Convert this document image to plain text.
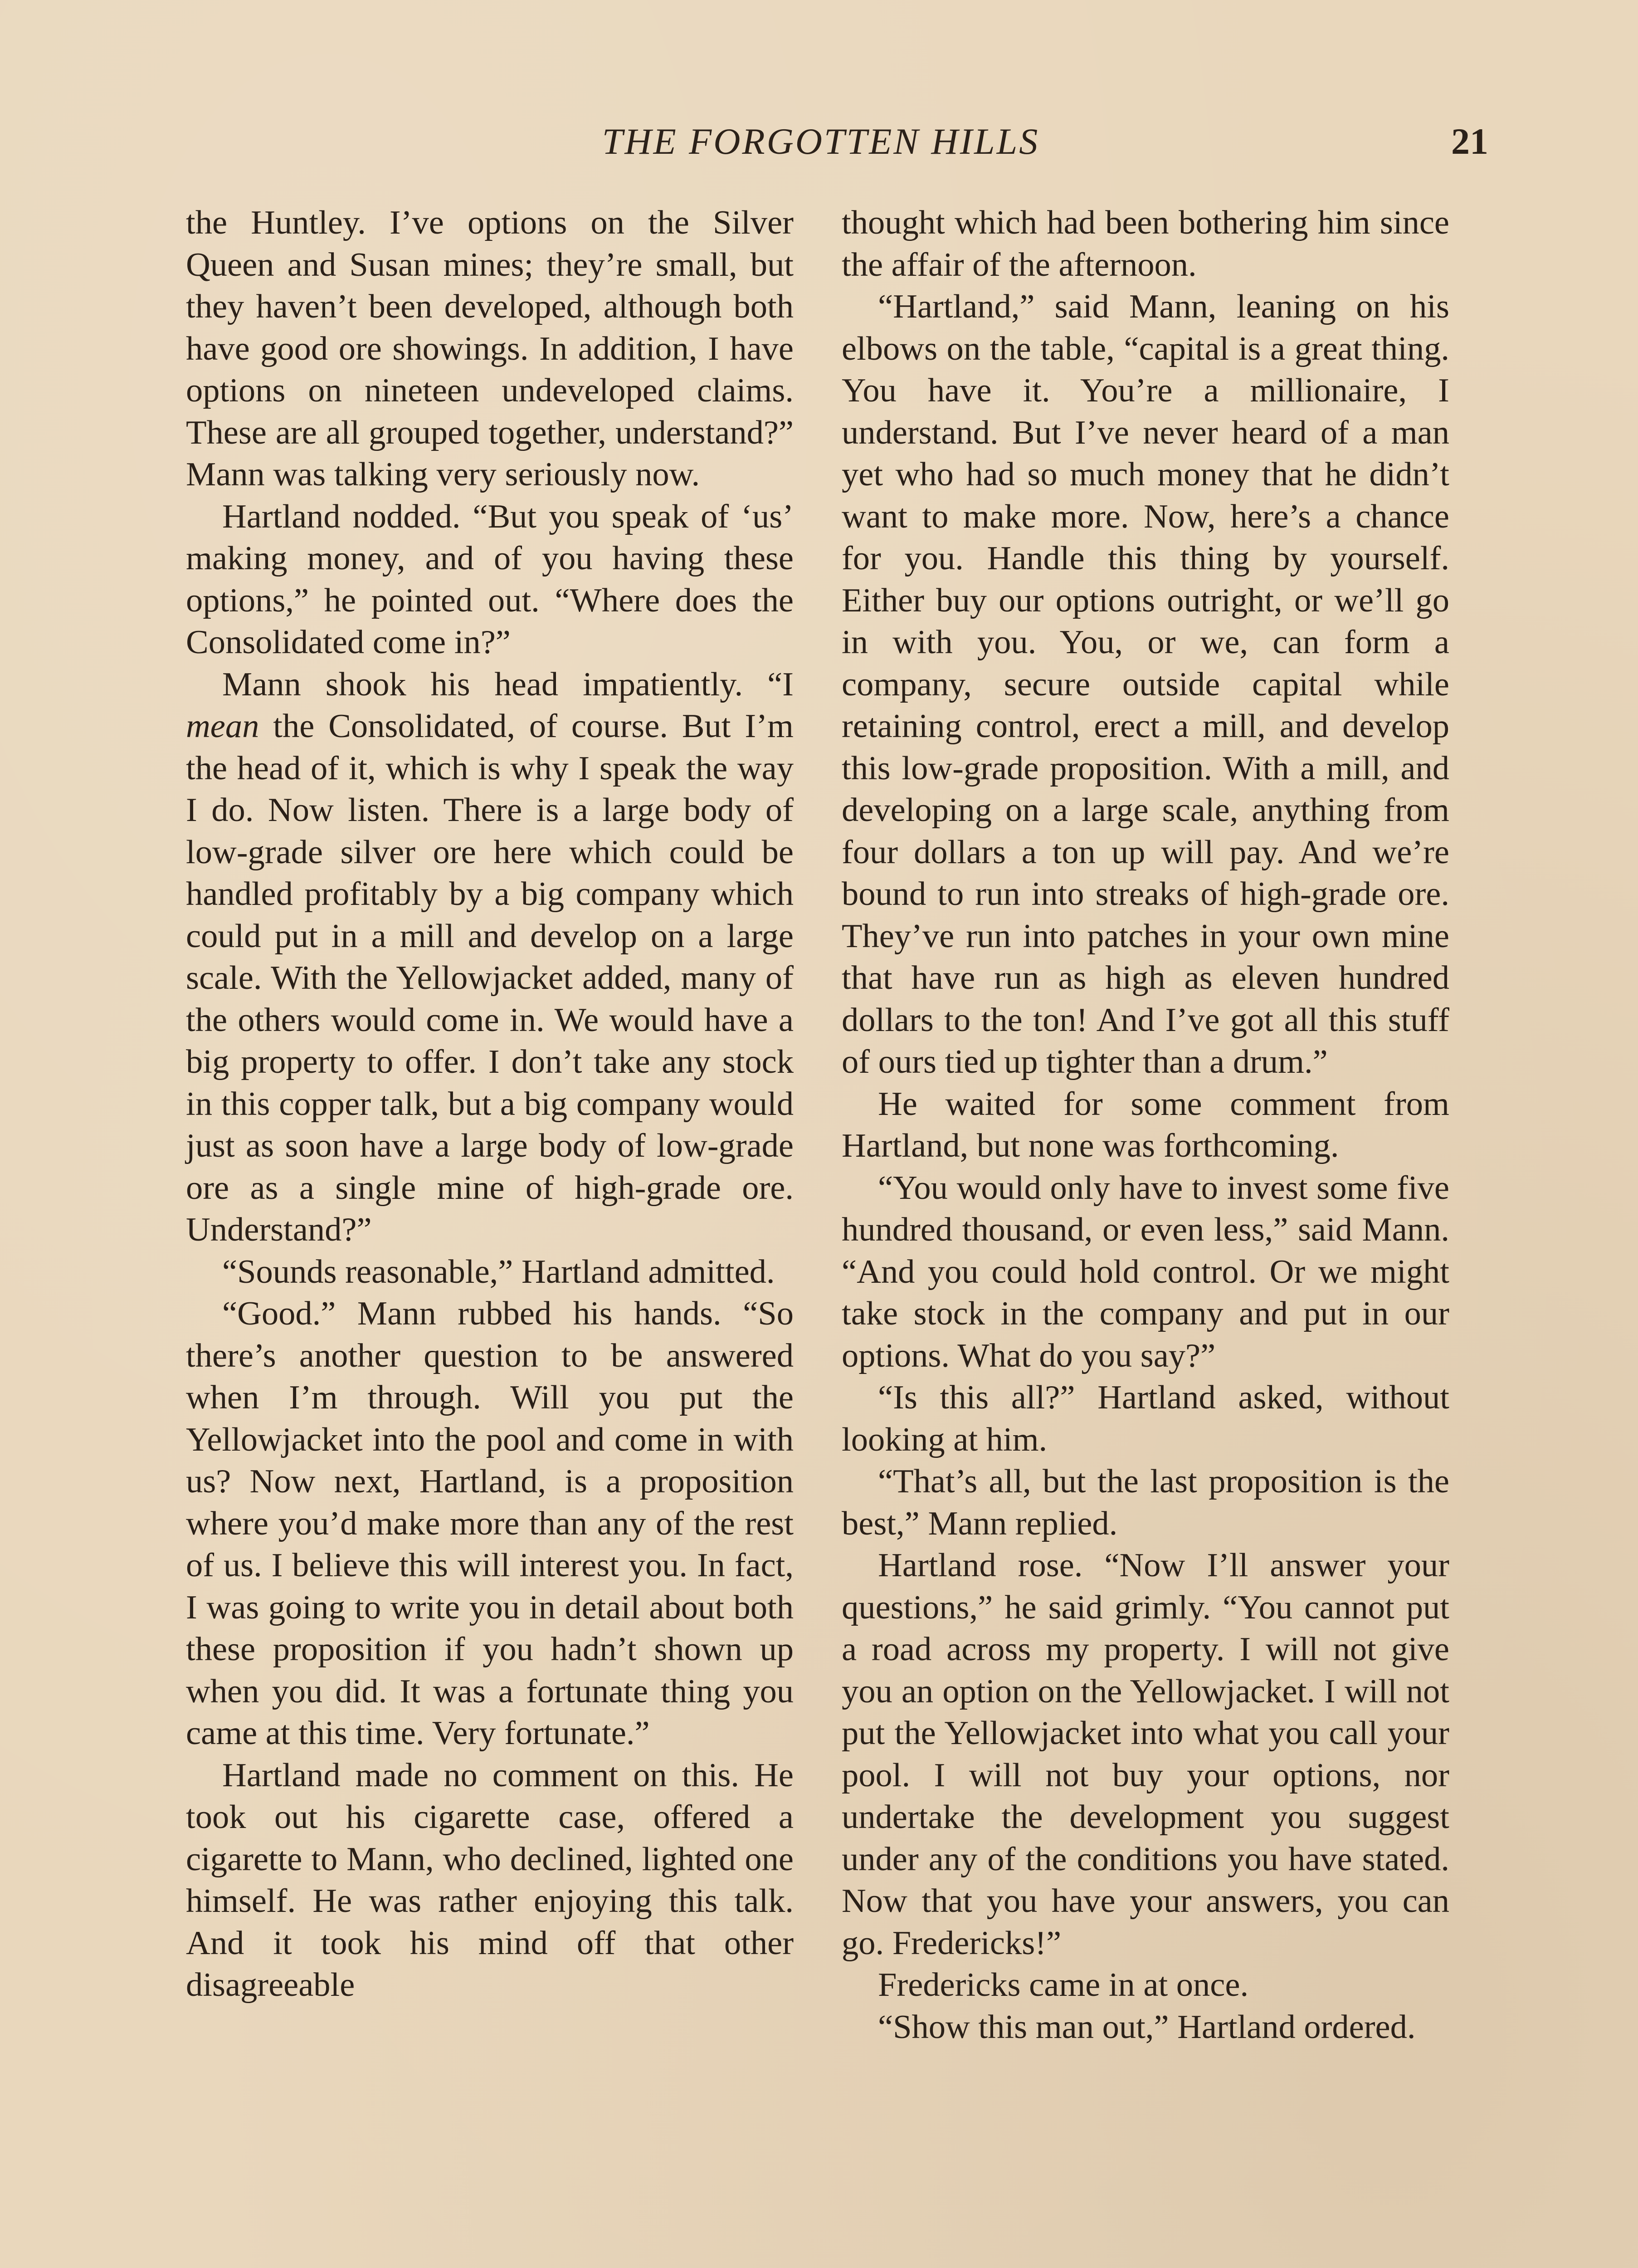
THE FORGOTTEN HILLS	21

the Huntley. I’ve options on the Silver Queen and Susan mines; they’re small, but they haven’t been developed, although both have good ore showings. In addition, I have options on nineteen undeveloped claims. These are all grouped together, understand?” Mann was talking very seriously now.

Hartland nodded. “But you speak of ‘us’ making money, and of you having these options,” he pointed out. “Where does the Consolidated come in?”

Mann shook his head impatiently. “I mean the Consolidated, of course. But I’m the head of it, which is why I speak the way I do. Now listen. There is a large body of low-grade silver ore here which could be handled profitably by a big company which could put in a mill and develop on a large scale. With the Yellowjacket added, many of the others would come in. We would have a big property to offer. I don’t take any stock in this copper talk, but a big company would just as soon have a large body of low-grade ore as a single mine of high-grade ore. Understand?”

“Sounds reasonable,” Hartland admitted.

“Good.” Mann rubbed his hands. “So there’s another question to be answered when I’m through. Will you put the Yellowjacket into the pool and come in with us? Now next, Hartland, is a proposition where you’d make more than any of the rest of us. I believe this will interest you. In fact, I was going to write you in detail about both these proposition if you hadn’t shown up when you did. It was a fortunate thing you came at this time. Very fortunate.”

Hartland made no comment on this. He took out his cigarette case, offered a cigarette to Mann, who declined, lighted one himself. He was rather enjoying this talk. And it took his mind off that other disagreeable

thought which had been bothering him since the affair of the afternoon.

“Hartland,” said Mann, leaning on his elbows on the table, “capital is a great thing. You have it. You’re a millionaire, I understand. But I’ve never heard of a man yet who had so much money that he didn’t want to make more. Now, here’s a chance for you. Handle this thing by yourself. Either buy our options outright, or we’ll go in with you. You, or we, can form a company, secure outside capital while retaining control, erect a mill, and develop this low-grade proposition. With a mill, and developing on a large scale, anything from four dollars a ton up will pay. And we’re bound to run into streaks of high-grade ore. They’ve run into patches in your own mine that have run as high as eleven hundred dollars to the ton! And I’ve got all this stuff of ours tied up tighter than a drum.”

He waited for some comment from Hartland, but none was forthcoming.

“You would only have to invest some five hundred thousand, or even less,” said Mann. “And you could hold control. Or we might take stock in the company and put in our options. What do you say?”

“Is this all?” Hartland asked, without looking at him.

“That’s all, but the last proposition is the best,” Mann replied.

Hartland rose. “Now I’ll answer your questions,” he said grimly. “You cannot put a road across my property. I will not give you an option on the Yellowjacket. I will not put the Yellowjacket into what you call your pool. I will not buy your options, nor undertake the development you suggest under any of the conditions you have stated. Now that you have your answers, you can go. Fredericks!”

Fredericks came in at once.

“Show this man out,” Hartland ordered.
